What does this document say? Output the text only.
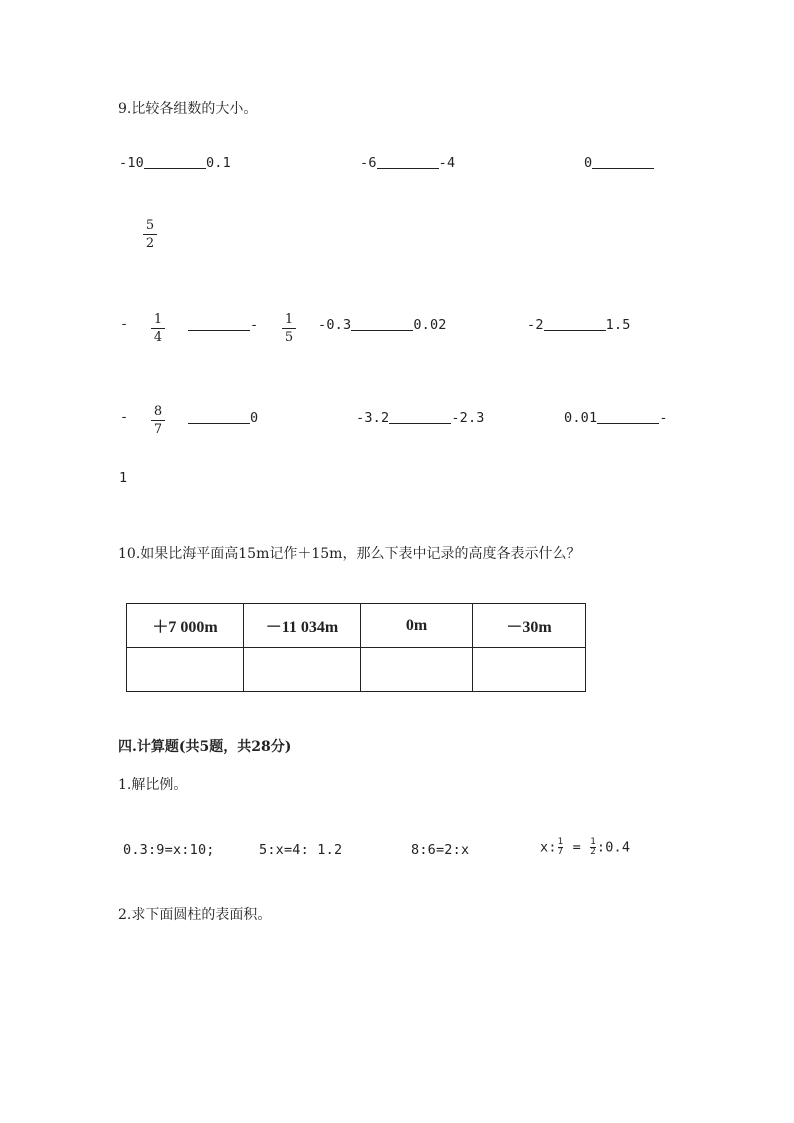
9.比较各组数的大小。
-10	0.1	-6	-4	0
5
2
- 1
4
- 1
5
-0.3	0.02	-2	1.5
- 8
7
0	-3.2	-2.3	0.01	-
1
10.如果比海平面高15m记作＋15m，那么下表中记录的高度各表示什么？
＋7 000m	－11 034m	0m	－30m

四.计算题(共5题，共28分)
1.解比例。
0.3:9=x:10;	5:x=4: 1.2	8:6=2:x	x: $\frac{1}{7} = \frac{1}{2}$ :0.4
2.求下面圆柱的表面积。
